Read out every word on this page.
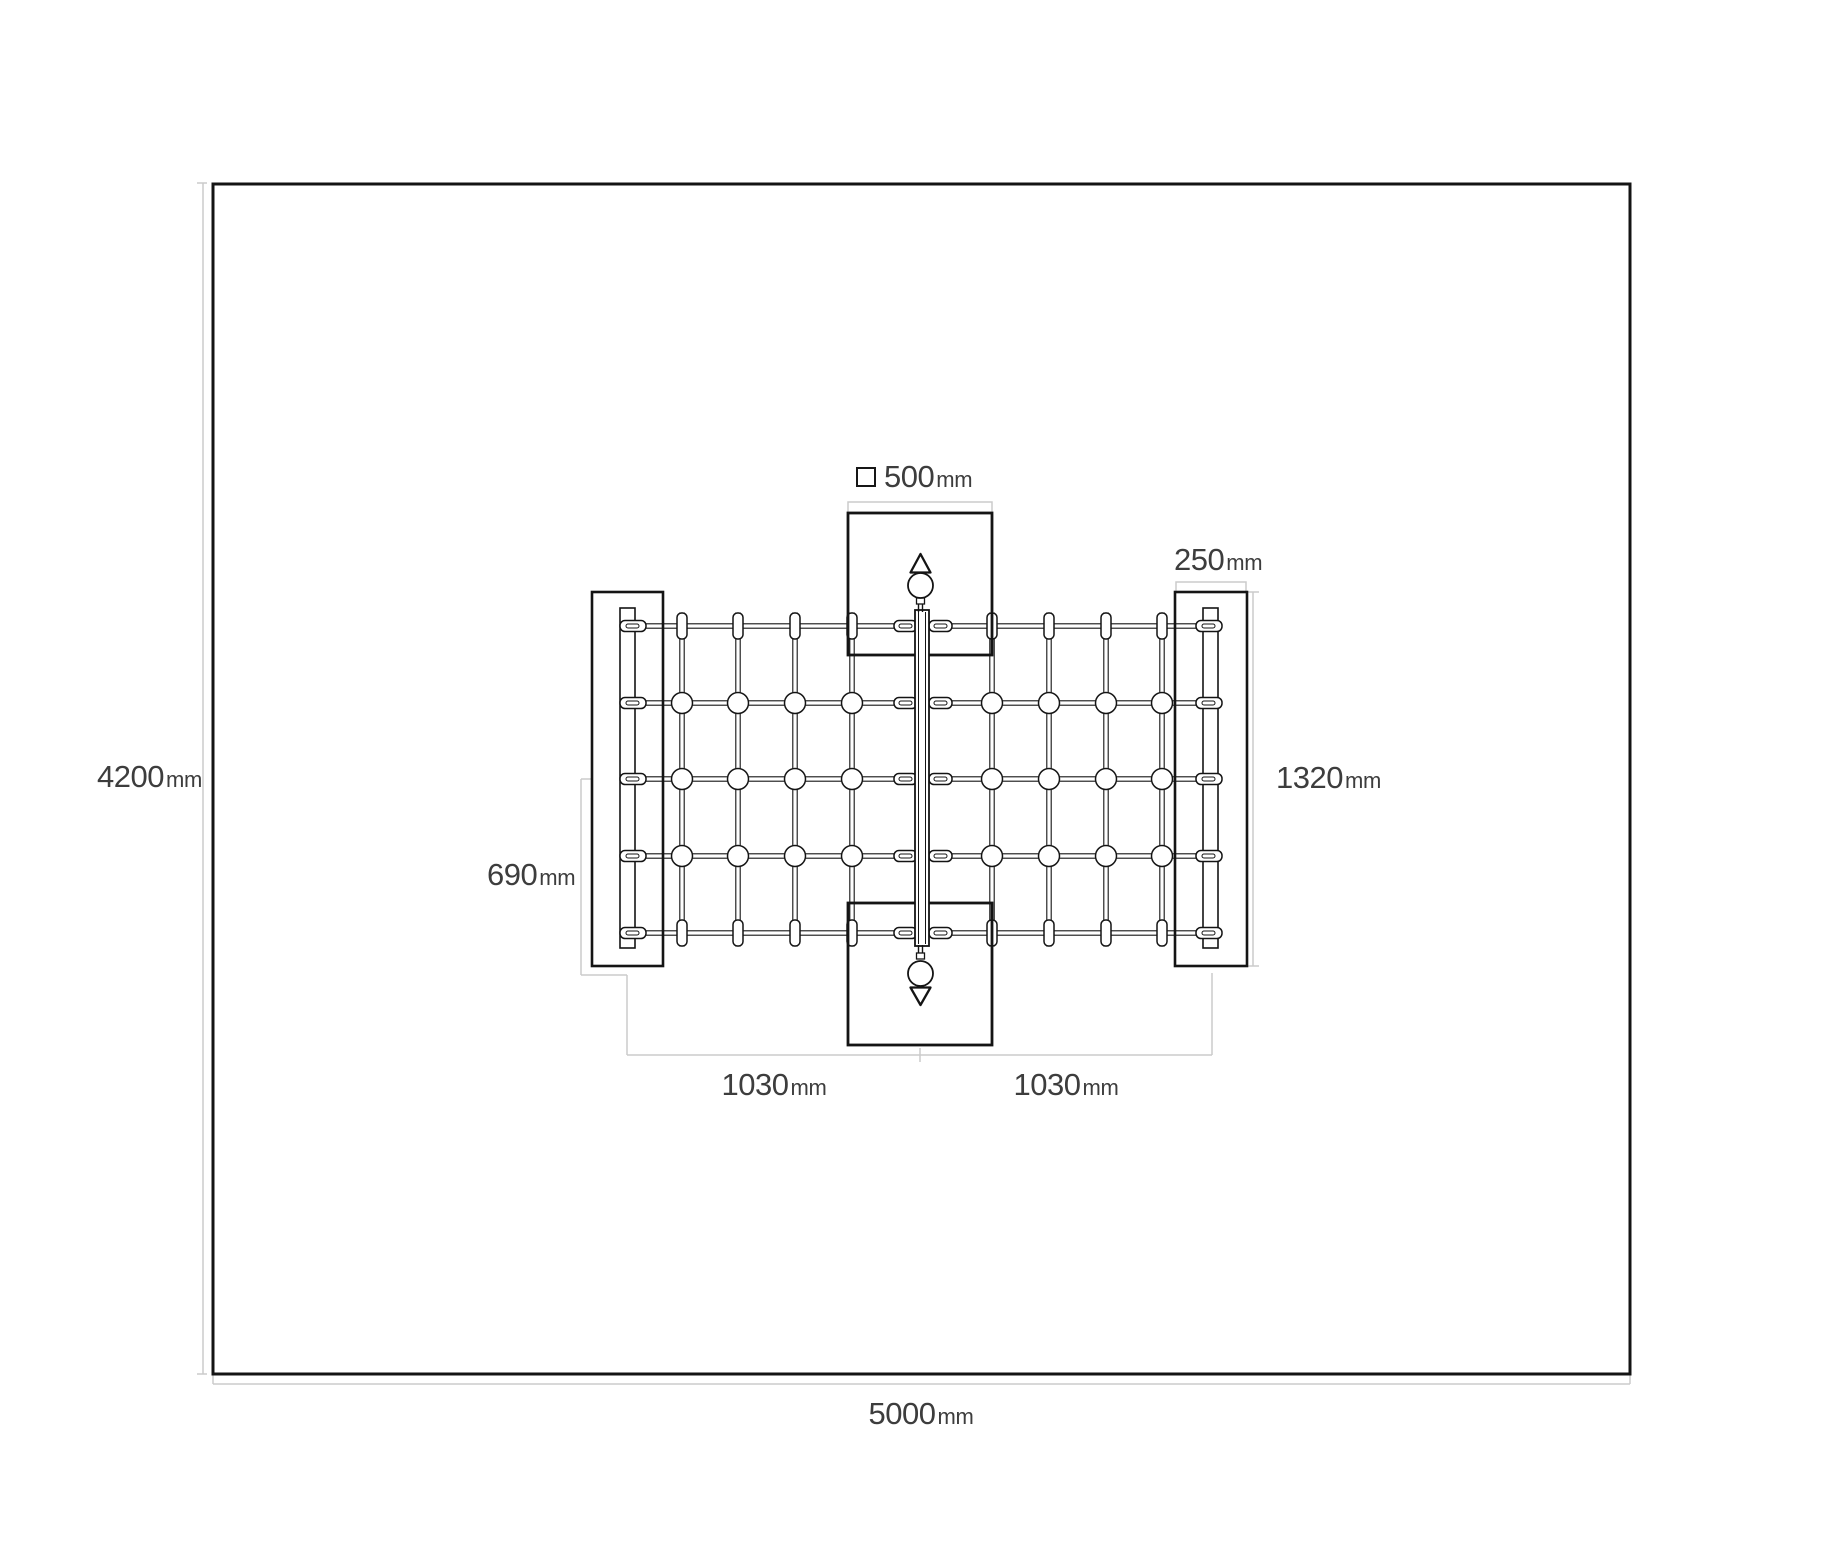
4200 mm
5000 mm
500 mm
250 mm
1320 mm
690 mm
1030 mm	1030 mm
